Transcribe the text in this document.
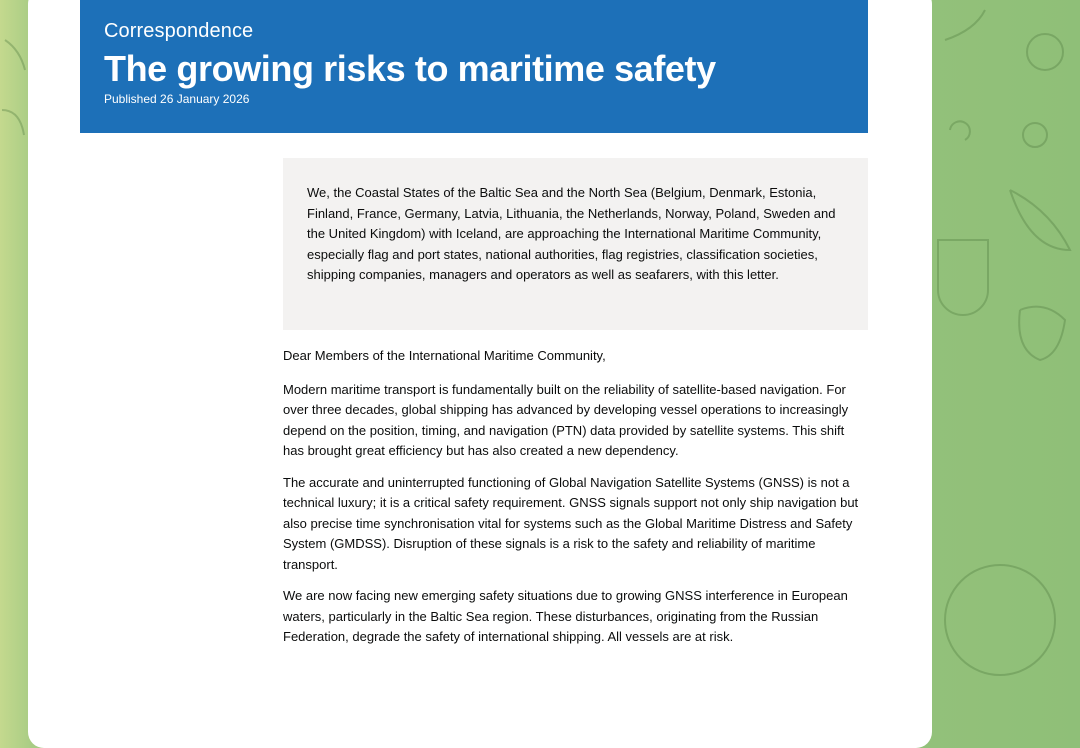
Correspondence
The growing risks to maritime safety
Published 26 January 2026
We, the Coastal States of the Baltic Sea and the North Sea (Belgium, Denmark, Estonia, Finland, France, Germany, Latvia, Lithuania, the Netherlands, Norway, Poland, Sweden and the United Kingdom) with Iceland, are approaching the International Maritime Community, especially flag and port states, national authorities, flag registries, classification societies, shipping companies, managers and operators as well as seafarers, with this letter.

Dear Members of the International Maritime Community,

Modern maritime transport is fundamentally built on the reliability of satellite-based navigation. For over three decades, global shipping has advanced by developing vessel operations to increasingly depend on the position, timing, and navigation (PTN) data provided by satellite systems. This shift has brought great efficiency but has also created a new dependency.

The accurate and uninterrupted functioning of Global Navigation Satellite Systems (GNSS) is not a technical luxury; it is a critical safety requirement. GNSS signals support not only ship navigation but also precise time synchronisation vital for systems such as the Global Maritime Distress and Safety System (GMDSS). Disruption of these signals is a risk to the safety and reliability of maritime transport.

We are now facing new emerging safety situations due to growing GNSS interference in European waters, particularly in the Baltic Sea region. These disturbances, originating from the Russian Federation, degrade the safety of international shipping. All vessels are at risk.
